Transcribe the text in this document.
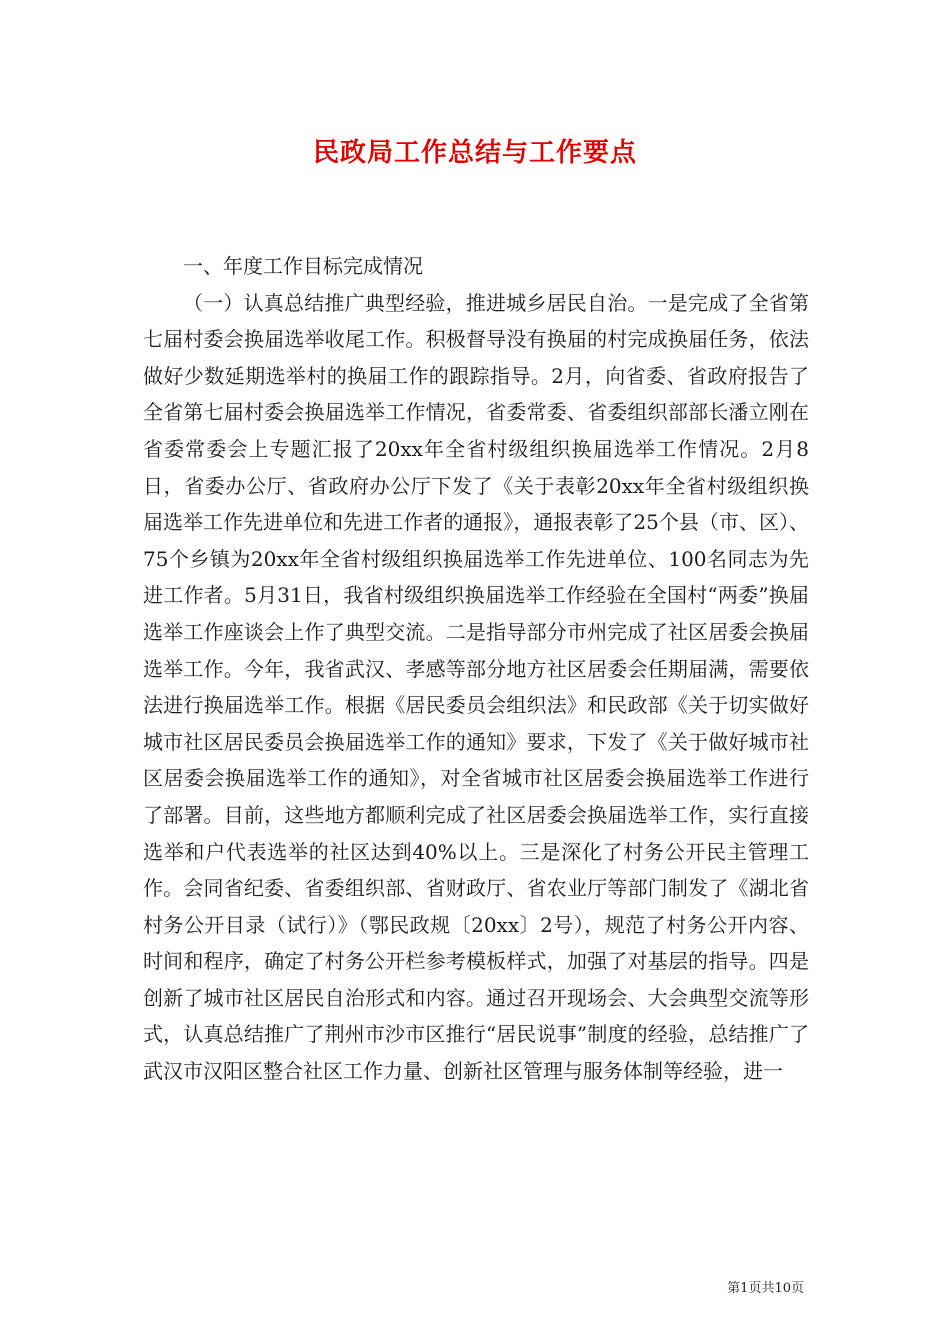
民政局工作总结与工作要点

一、年度工作目标完成情况

（一）认真总结推广典型经验，推进城乡居民自治。一是完成了全省第七届村委会换届选举收尾工作。积极督导没有换届的村完成换届任务，依法做好少数延期选举村的换届工作的跟踪指导。2月，向省委、省政府报告了全省第七届村委会换届选举工作情况，省委常委、省委组织部部长潘立刚在省委常委会上专题汇报了20xx年全省村级组织换届选举工作情况。2月8日，省委办公厅、省政府办公厅下发了《关于表彰20xx年全省村级组织换届选举工作先进单位和先进工作者的通报》，通报表彰了25个县（市、区）、75个乡镇为20xx年全省村级组织换届选举工作先进单位、100名同志为先进工作者。5月31日，我省村级组织换届选举工作经验在全国村“两委”换届选举工作座谈会上作了典型交流。二是指导部分市州完成了社区居委会换届选举工作。今年，我省武汉、孝感等部分地方社区居委会任期届满，需要依法进行换届选举工作。根据《居民委员会组织法》和民政部《关于切实做好城市社区居民委员会换届选举工作的通知》要求，下发了《关于做好城市社区居委会换届选举工作的通知》，对全省城市社区居委会换届选举工作进行了部署。目前，这些地方都顺利完成了社区居委会换届选举工作，实行直接选举和户代表选举的社区达到40%以上。三是深化了村务公开民主管理工作。会同省纪委、省委组织部、省财政厅、省农业厅等部门制发了《湖北省村务公开目录（试行）》（鄂民政规〔20xx〕2号），规范了村务公开内容、时间和程序，确定了村务公开栏参考模板样式，加强了对基层的指导。四是创新了城市社区居民自治形式和内容。通过召开现场会、大会典型交流等形式，认真总结推广了荆州市沙市区推行“居民说事”制度的经验，总结推广了武汉市汉阳区整合社区工作力量、创新社区管理与服务体制等经验，进一

第1页共10页
